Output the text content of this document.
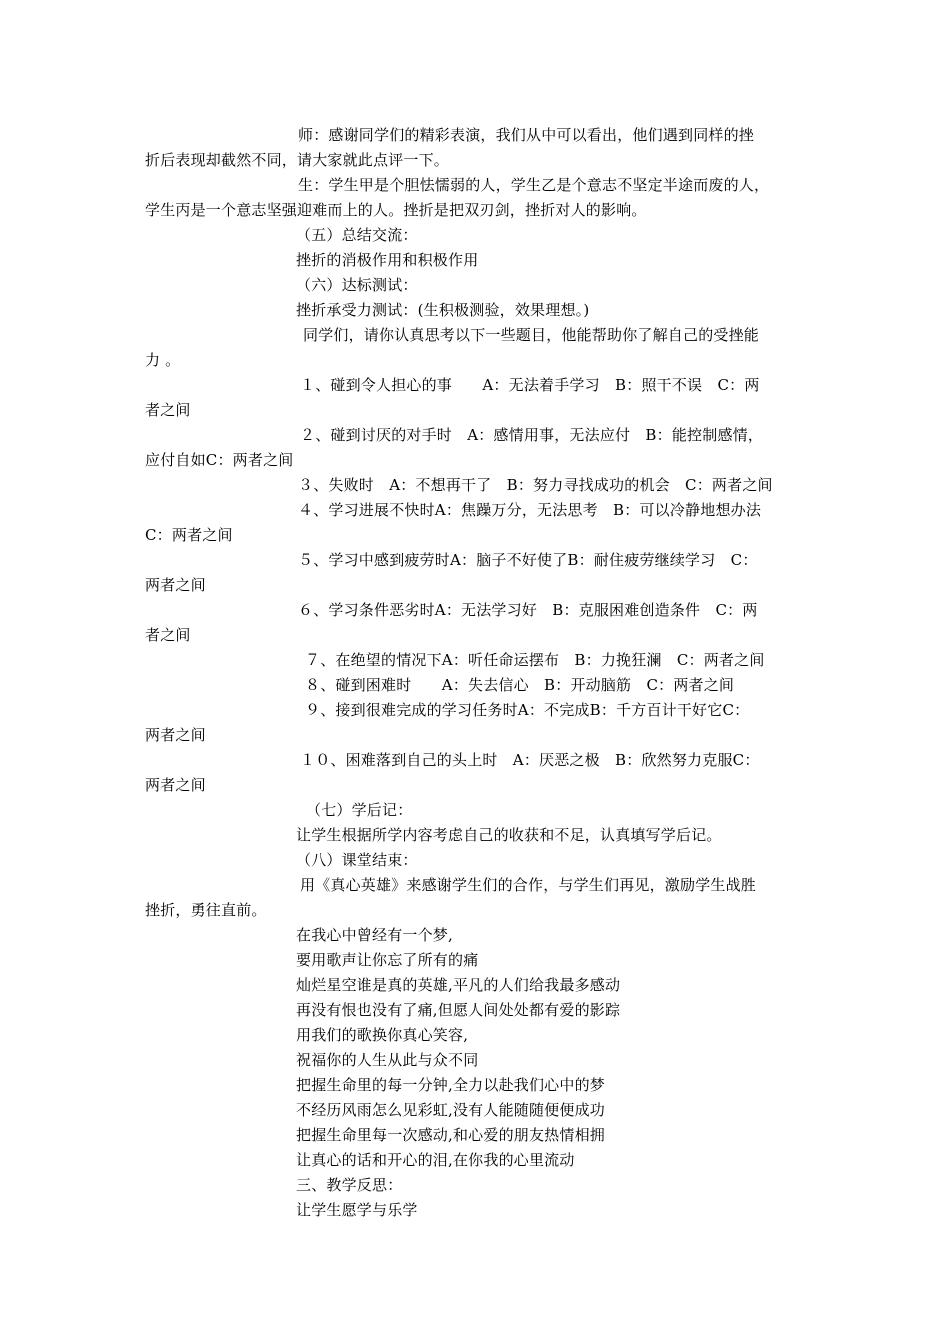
师：感谢同学们的精彩表演，我们从中可以看出，他们遇到同样的挫
折后表现却截然不同，请大家就此点评一下。
生：学生甲是个胆怯懦弱的人，学生乙是个意志不坚定半途而废的人，
学生丙是一个意志坚强迎难而上的人。挫折是把双刃剑，挫折对人的影响。
（五）总结交流：
挫折的消极作用和积极作用
（六）达标测试：
挫折承受力测试：(生积极测验，效果理想。)
同学们，请你认真思考以下一些题目，他能帮助你了解自己的受挫能
力 。
１、碰到令人担心的事　　A：无法着手学习　B：照干不误　C：两
者之间
２、碰到讨厌的对手时　A：感情用事，无法应付　B：能控制感情，
应付自如C：两者之间
３、失败时　A：不想再干了　B：努力寻找成功的机会　C：两者之间
４、学习进展不快时A：焦躁万分，无法思考　B：可以冷静地想办法
C：两者之间
５、学习中感到疲劳时A：脑子不好使了B：耐住疲劳继续学习　C：
两者之间
６、学习条件恶劣时A：无法学习好　B：克服困难创造条件　C：两
者之间
７、在绝望的情况下A：听任命运摆布　B：力挽狂澜　C：两者之间
８、碰到困难时　　A：失去信心　B：开动脑筋　C：两者之间
９、接到很难完成的学习任务时A：不完成B：千方百计干好它C：
两者之间
１０、困难落到自己的头上时　A：厌恶之极　B：欣然努力克服C：
两者之间
（七）学后记：
让学生根据所学内容考虑自己的收获和不足，认真填写学后记。
（八）课堂结束：
用《真心英雄》来感谢学生们的合作，与学生们再见，激励学生战胜
挫折，勇往直前。
在我心中曾经有一个梦,
要用歌声让你忘了所有的痛
灿烂星空谁是真的英雄,平凡的人们给我最多感动
再没有恨也没有了痛,但愿人间处处都有爱的影踪
用我们的歌换你真心笑容,
祝福你的人生从此与众不同
把握生命里的每一分钟,全力以赴我们心中的梦
不经历风雨怎么见彩虹,没有人能随随便便成功
把握生命里每一次感动,和心爱的朋友热情相拥
让真心的话和开心的泪,在你我的心里流动
三、教学反思：
让学生愿学与乐学
